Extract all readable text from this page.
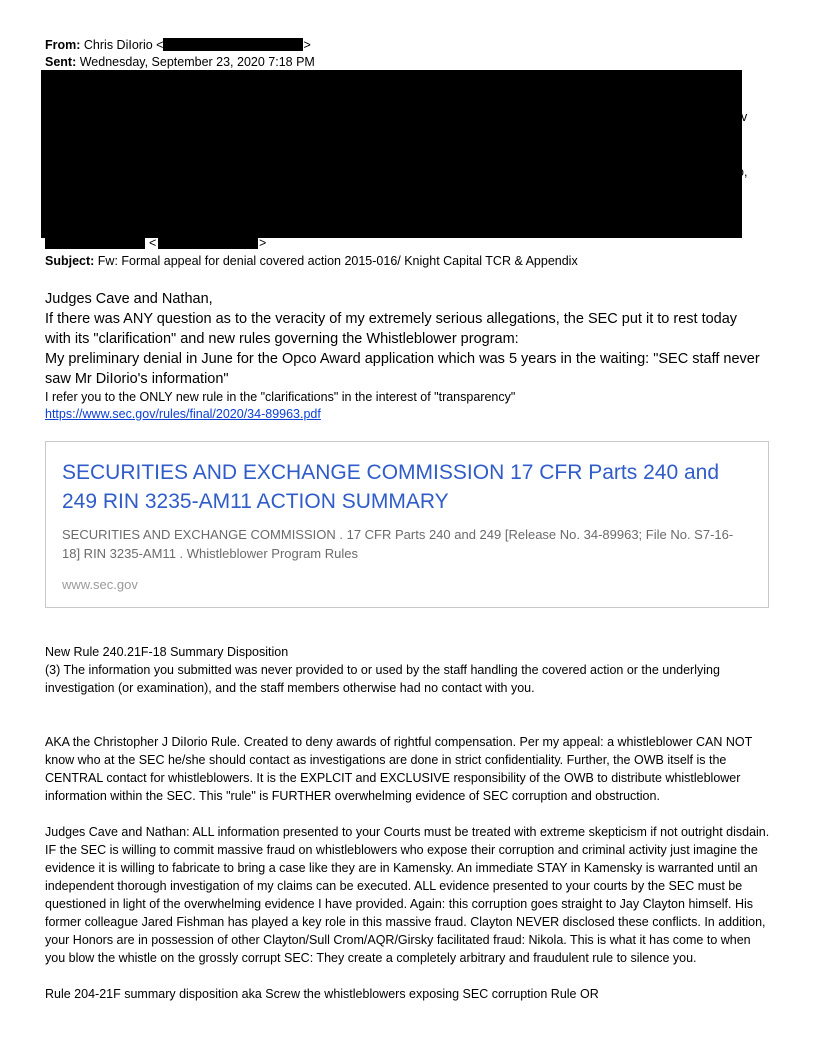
From: Chris DiIorio <	>
Sent: Wednesday, September 23, 2020 7:18 PM
v
o,
<	>
Subject: Fw: Formal appeal for denial covered action 2015-016/ Knight Capital TCR & Appendix
Judges Cave and Nathan,
If there was ANY question as to the veracity of my extremely serious allegations, the SEC put it to rest today
with its "clarification" and new rules governing the Whistleblower program:
My preliminary denial in June for the Opco Award application which was 5 years in the waiting: "SEC staff never
saw Mr DiIorio's information"
I refer you to the ONLY new rule in the "clarifications" in the interest of "transparency"
https://www.sec.gov/rules/final/2020/34-89963.pdf
SECURITIES AND EXCHANGE COMMISSION 17 CFR Parts 240 and 249 RIN 3235-AM11 ACTION SUMMARY
SECURITIES AND EXCHANGE COMMISSION . 17 CFR Parts 240 and 249 [Release No. 34-89963; File No. S7-16-18] RIN 3235-AM11 . Whistleblower Program Rules
www.sec.gov
New Rule 240.21F-18 Summary Disposition
(3) The information you submitted was never provided to or used by the staff handling the covered action or the underlying investigation (or examination), and the staff members otherwise had no contact with you.
AKA the Christopher J DiIorio Rule. Created to deny awards of rightful compensation. Per my appeal: a whistleblower CAN NOT know who at the SEC he/she should contact as investigations are done in strict confidentiality. Further, the OWB itself is the CENTRAL contact for whistleblowers. It is the EXPLCIT and EXCLUSIVE responsibility of the OWB to distribute whistleblower information within the SEC. This "rule" is FURTHER overwhelming evidence of SEC corruption and obstruction.
Judges Cave and Nathan: ALL information presented to your Courts must be treated with extreme skepticism if not outright disdain. IF the SEC is willing to commit massive fraud on whistleblowers who expose their corruption and criminal activity just imagine the evidence it is willing to fabricate to bring a case like they are in Kamensky. An immediate STAY in Kamensky is warranted until an independent thorough investigation of my claims can be executed. ALL evidence presented to your courts by the SEC must be questioned in light of the overwhelming evidence I have provided. Again: this corruption goes straight to Jay Clayton himself. His former colleague Jared Fishman has played a key role in this massive fraud. Clayton NEVER disclosed these conflicts. In addition, your Honors are in possession of other Clayton/Sull Crom/AQR/Girsky facilitated fraud: Nikola. This is what it has come to when you blow the whistle on the grossly corrupt SEC: They create a completely arbitrary and fraudulent rule to silence you.
Rule 204-21F summary disposition aka Screw the whistleblowers exposing SEC corruption Rule OR
